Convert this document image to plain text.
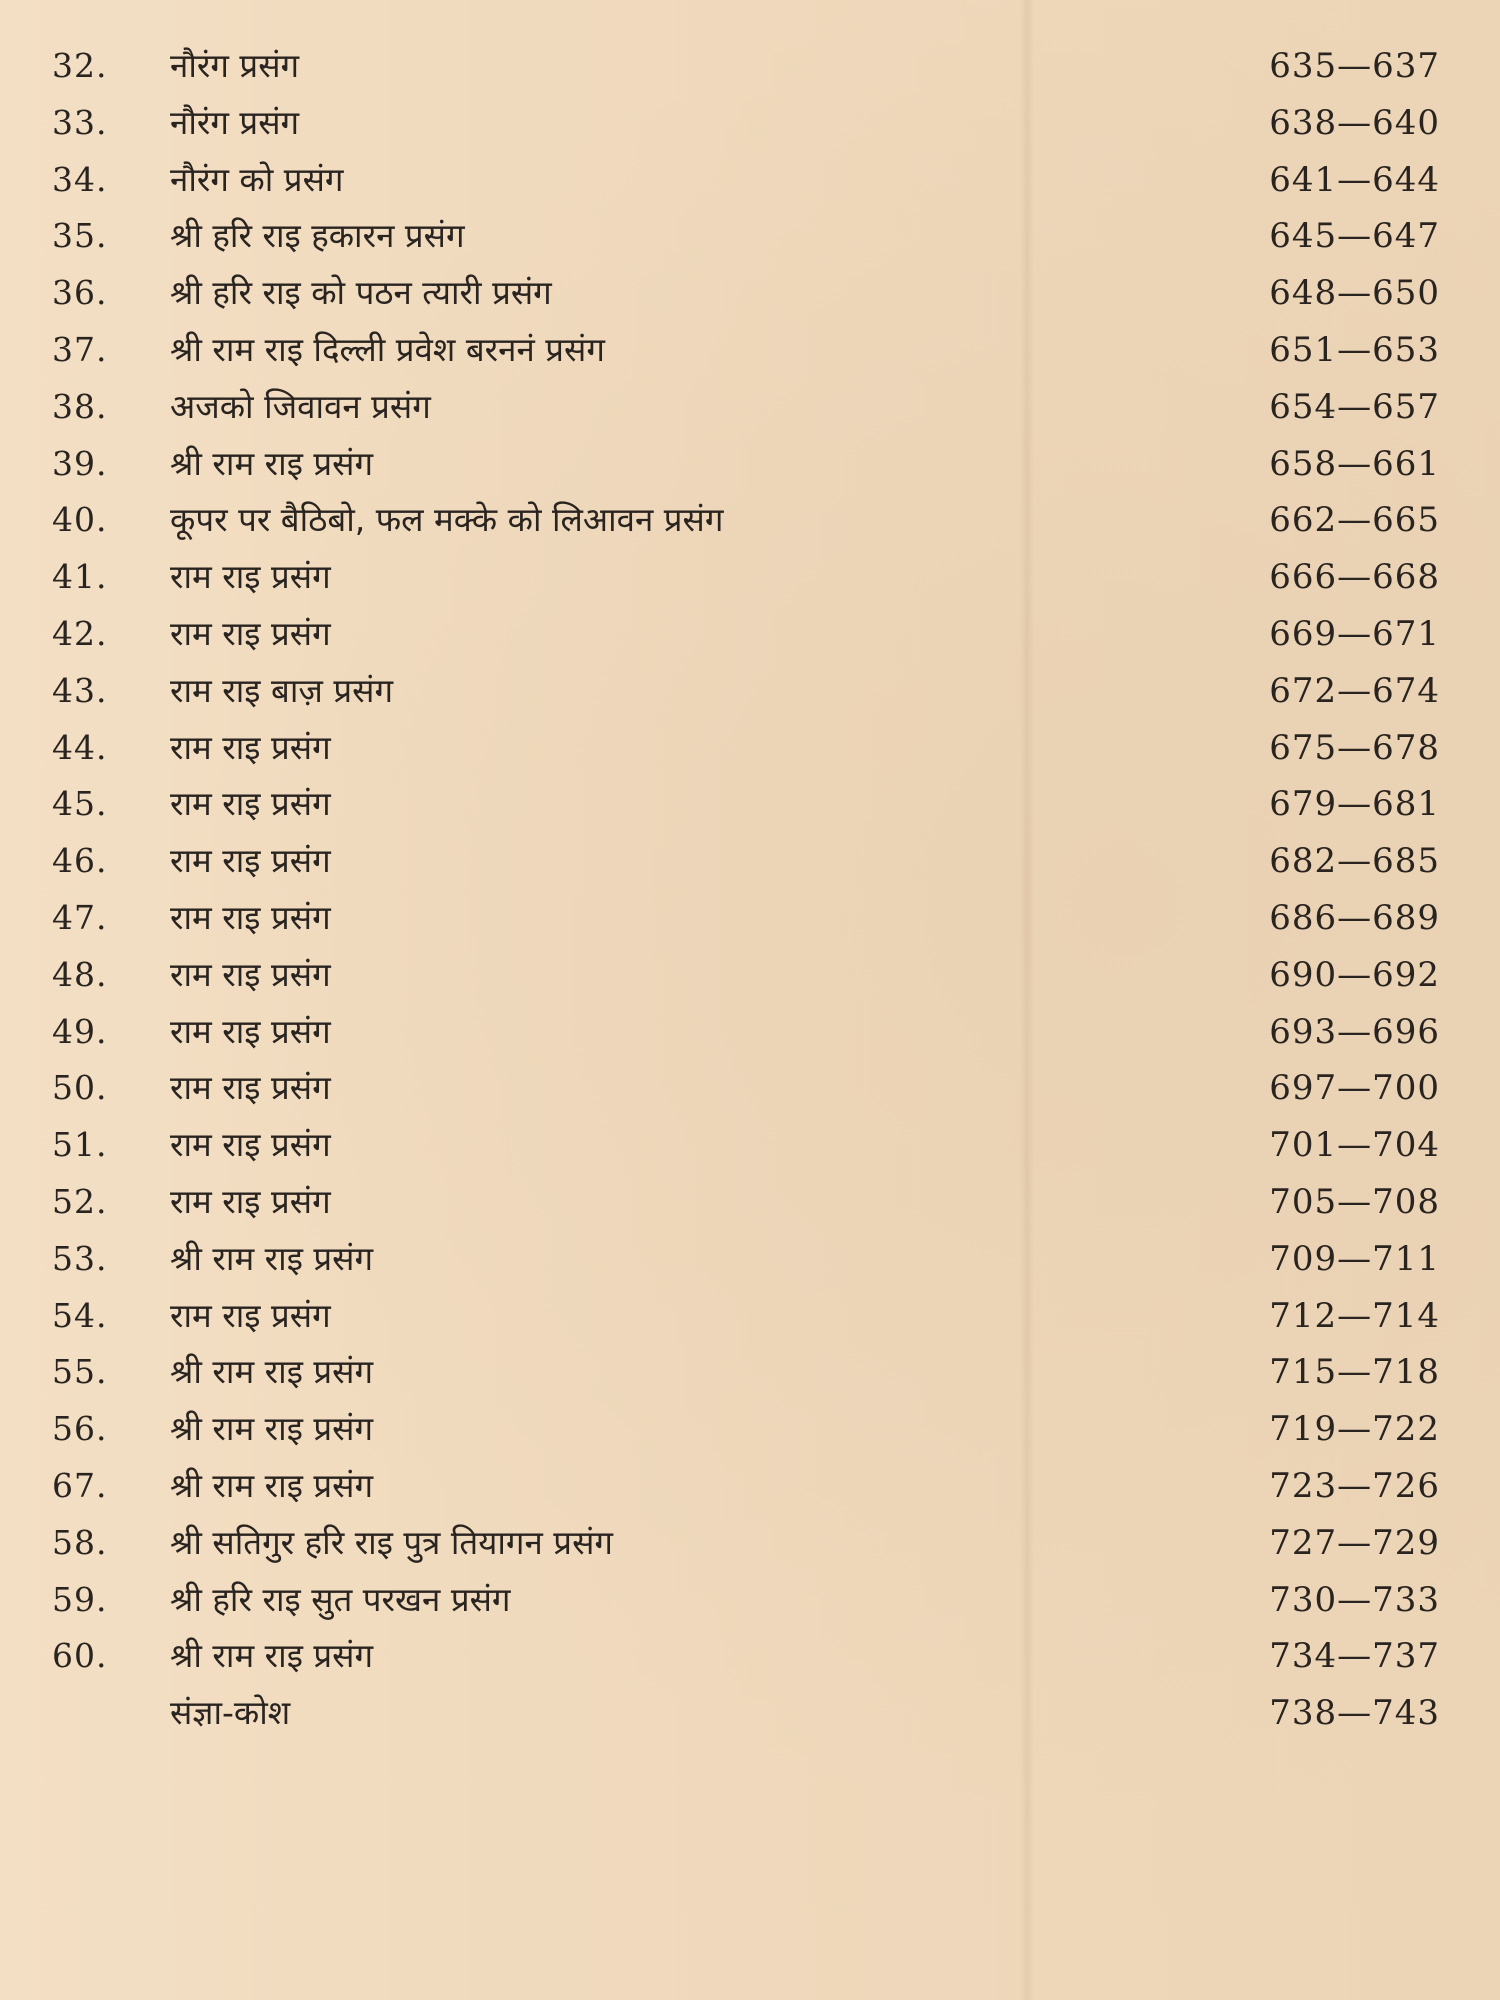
32.	नौरंग प्रसंग	635—637
33.	नौरंग प्रसंग	638—640
34.	नौरंग को प्रसंग	641—644
35.	श्री हरि राइ हकारन प्रसंग	645—647
36.	श्री हरि राइ को पठन त्यारी प्रसंग	648—650
37.	श्री राम राइ दिल्ली प्रवेश बरननं प्रसंग	651—653
38.	अजको जिवावन प्रसंग	654—657
39.	श्री राम राइ प्रसंग	658—661
40.	कूपर पर बैठिबो, फल मक्के को लिआवन प्रसंग	662—665
41.	राम राइ प्रसंग	666—668
42.	राम राइ प्रसंग	669—671
43.	राम राइ बाज़ प्रसंग	672—674
44.	राम राइ प्रसंग	675—678
45.	राम राइ प्रसंग	679—681
46.	राम राइ प्रसंग	682—685
47.	राम राइ प्रसंग	686—689
48.	राम राइ प्रसंग	690—692
49.	राम राइ प्रसंग	693—696
50.	राम राइ प्रसंग	697—700
51.	राम राइ प्रसंग	701—704
52.	राम राइ प्रसंग	705—708
53.	श्री राम राइ प्रसंग	709—711
54.	राम राइ प्रसंग	712—714
55.	श्री राम राइ प्रसंग	715—718
56.	श्री राम राइ प्रसंग	719—722
67.	श्री राम राइ प्रसंग	723—726
58.	श्री सतिगुर हरि राइ पुत्र तियागन प्रसंग	727—729
59.	श्री हरि राइ सुत परखन प्रसंग	730—733
60.	श्री राम राइ प्रसंग	734—737
संज्ञा-कोश	738—743
